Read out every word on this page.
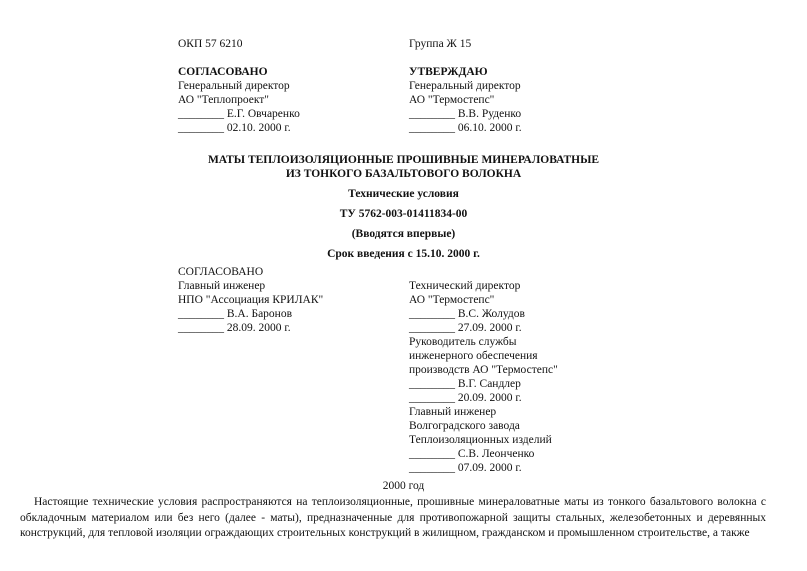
ОКП 57 6210	Группа Ж 15
СОГЛАСОВАНО
Генеральный директор
АО "Теплопроект"
________ Е.Г. Овчаренко
________ 02.10. 2000 г.
УТВЕРЖДАЮ
Генеральный директор
АО "Термостепс"
________ В.В. Руденко
________ 06.10. 2000 г.
МАТЫ ТЕПЛОИЗОЛЯЦИОННЫЕ ПРОШИВНЫЕ МИНЕРАЛОВАТНЫЕ
ИЗ ТОНКОГО БАЗАЛЬТОВОГО ВОЛОКНА
Технические условия
ТУ 5762-003-01411834-00
(Вводятся впервые)
Срок введения с 15.10. 2000 г.
СОГЛАСОВАНО
Главный инженер
НПО "Ассоциация КРИЛАК"
________ В.А. Баронов
________ 28.09. 2000 г.
Технический директор
АО "Термостепс"
________ В.С. Жолудов
________ 27.09. 2000 г.
Руководитель службы
инженерного обеспечения
производств АО "Термостепс"
________ В.Г. Сандлер
________ 20.09. 2000 г.
Главный инженер
Волгоградского завода
Теплоизоляционных изделий
________ С.В. Леонченко
________ 07.09. 2000 г.
2000 год
Настоящие технические условия распространяются на теплоизоляционные, прошивные минераловатные маты из тонкого базальтового волокна с обкладочным материалом или без него (далее - маты), предназначенные для противопожарной защиты стальных, железобетонных и деревянных конструкций, для тепловой изоляции ограждающих строительных конструкций в жилищном, гражданском и промышленном строительстве, а также
